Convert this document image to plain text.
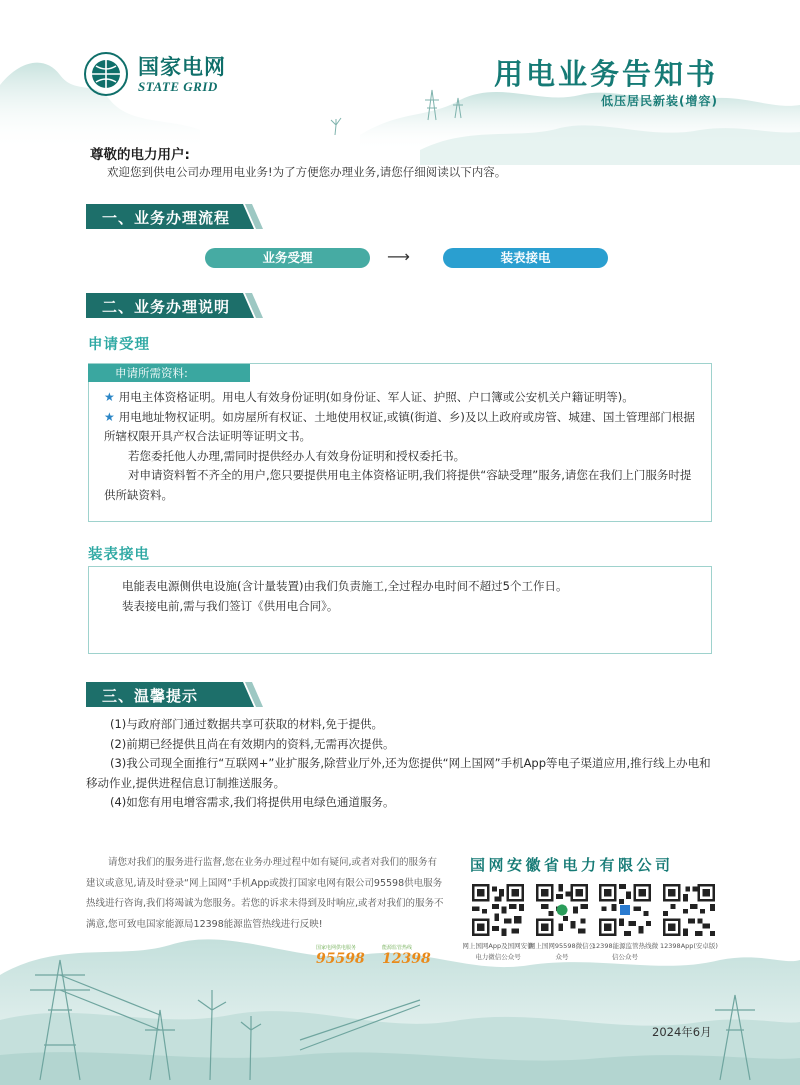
国家电网
STATE GRID	用电业务告知书
低压居民新装(增容)
尊敬的电力用户:
欢迎您到供电公司办理用电业务!为了方便您办理业务,请您仔细阅读以下内容。
一、业务办理流程
业务受理	⟶	装表接电
二、业务办理说明
申请受理
申请所需资料:
★ 用电主体资格证明。用电人有效身份证明(如身份证、军人证、护照、户口簿或公安机关户籍证明等)。
★ 用电地址物权证明。如房屋所有权证、土地使用权证,或镇(街道、乡)及以上政府或房管、城建、国土管理部门根据所辖权限开具产权合法证明等证明文书。
若您委托他人办理,需同时提供经办人有效身份证明和授权委托书。
对申请资料暂不齐全的用户,您只要提供用电主体资格证明,我们将提供“容缺受理”服务,请您在我们上门服务时提供所缺资料。
装表接电
电能表电源侧供电设施(含计量装置)由我们负责施工,全过程办电时间不超过5个工作日。
装表接电前,需与我们签订《供用电合同》。
三、温馨提示
(1)与政府部门通过数据共享可获取的材料,免于提供。
(2)前期已经提供且尚在有效期内的资料,无需再次提供。
(3)我公司现全面推行“互联网+”业扩服务,除营业厅外,还为您提供“网上国网”手机App等电子渠道应用,推行线上办电和移动作业,提供进程信息订制推送服务。
(4)如您有用电增容需求,我们将提供用电绿色通道服务。
请您对我们的服务进行监督,您在业务办理过程中如有疑问,或者对我们的服务有建议或意见,请及时登录“网上国网”手机App或拨打国家电网有限公司95598供电服务热线进行咨询,我们将竭诚为您服务。若您的诉求未得到及时响应,或者对我们的服务不满意,您可致电国家能源局12398能源监管热线进行反映!
国网安徽省电力有限公司
网上国网App及国网安徽电力微信公众号
网上国网95598微信公众号
12398能源监管热线微信公众号
12398App(安卓版)
国家电网供电服务
95598
能源监管热线
12398
2024年6月
